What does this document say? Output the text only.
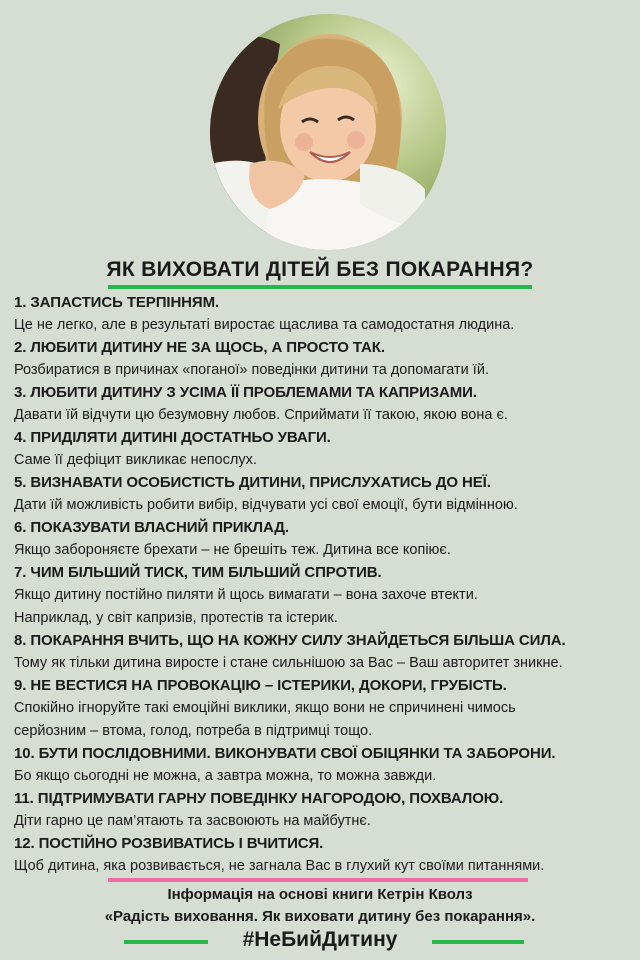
ЯК ВИХОВАТИ ДІТЕЙ БЕЗ ПОКАРАННЯ?
1. ЗАПАСТИСЬ ТЕРПІННЯМ.
Це не легко, але в результаті виростає щаслива та самодостатня людина.
2. ЛЮБИТИ ДИТИНУ НЕ ЗА ЩОСЬ, А ПРОСТО ТАК.
Розбиратися в причинах «поганої» поведінки дитини та допомагати їй.
3. ЛЮБИТИ ДИТИНУ З УСІМА ЇЇ ПРОБЛЕМАМИ ТА КАПРИЗАМИ.
Давати їй відчути цю безумовну любов. Сприймати її такою, якою вона є.
4. ПРИДІЛЯТИ ДИТИНІ ДОСТАТНЬО УВАГИ.
Саме її дефіцит викликає непослух.
5. ВИЗНАВАТИ ОСОБИСТІСТЬ ДИТИНИ, ПРИСЛУХАТИСЬ ДО НЕЇ.
Дати їй можливість робити вибір, відчувати усі свої емоції, бути відмінною.
6. ПОКАЗУВАТИ ВЛАСНИЙ ПРИКЛАД.
Якщо забороняєте брехати – не брешіть теж. Дитина все копіює.
7. ЧИМ БІЛЬШИЙ ТИСК, ТИМ БІЛЬШИЙ СПРОТИВ.
Якщо дитину постійно пиляти й щось вимагати – вона захоче втекти.
Наприклад, у світ капризів, протестів та істерик.
8. ПОКАРАННЯ ВЧИТЬ, ЩО НА КОЖНУ СИЛУ ЗНАЙДЕТЬСЯ БІЛЬША СИЛА.
Тому як тільки дитина виросте і стане сильнішою за Вас – Ваш авторитет зникне.
9. НЕ ВЕСТИСЯ НА ПРОВОКАЦІЮ – ІСТЕРИКИ, ДОКОРИ, ГРУБІСТЬ.
Спокійно ігноруйте такі емоційні виклики, якщо вони не спричинені чимось
серйозним – втома, голод, потреба в підтримці тощо.
10. БУТИ ПОСЛІДОВНИМИ. ВИКОНУВАТИ СВОЇ ОБІЦЯНКИ ТА ЗАБОРОНИ.
Бо якщо сьогодні не можна, а завтра можна, то можна завжди.
11. ПІДТРИМУВАТИ ГАРНУ ПОВЕДІНКУ НАГОРОДОЮ, ПОХВАЛОЮ.
Діти гарно це пам’ятають та засвоюють на майбутнє.
12. ПОСТІЙНО РОЗВИВАТИСЬ І ВЧИТИСЯ.
Щоб дитина, яка розвивається, не загнала Вас в глухий кут своїми питаннями.
Інформація на основі книги Кетрін Кволз
«Радість виховання. Як виховати дитину без покарання».
#НеБийДитину
